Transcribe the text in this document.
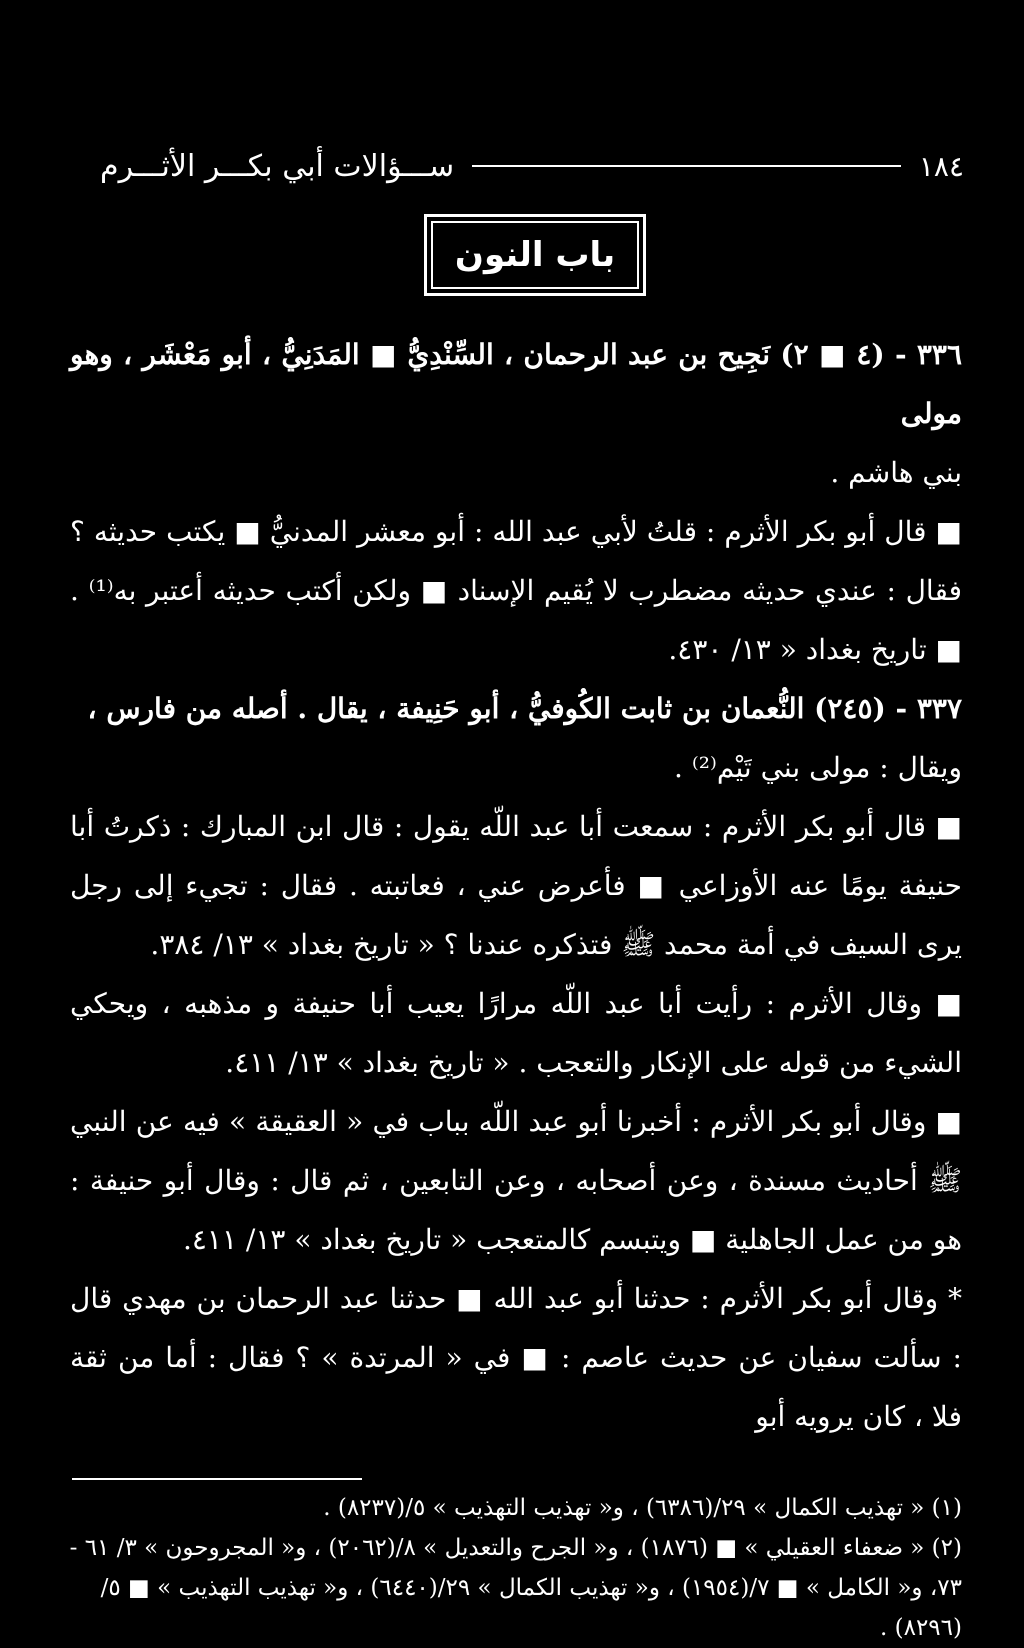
١٨٤
ســـؤالات أبي بكـــر الأثـــرم
باب النون

٣٣٦ - (٤ ■ ٢) نَجِيح بن عبد الرحمان ، السِّنْدِيُّ ■ المَدَنِيُّ ، أبو مَعْشَر ، وهو مولى

بني هاشم .

■ قال أبو بكر الأثرم : قلتُ لأبي عبد الله : أبو معشر المدنيُّ ■ يكتب حديثه ؟ فقال : عندي حديثه مضطرب لا يُقيم الإسناد ■ ولكن أكتب حديثه أعتبر به⁽¹⁾ . ■ تاريخ بغداد « ١٣/ ٤٣٠.

٣٣٧ - (٢٤٥) النُّعمان بن ثابت الكُوفيُّ ، أبو حَنِيفة ، يقال . أصله من فارس ،

ويقال : مولى بني تَيْم⁽²⁾ .

■ قال أبو بكر الأثرم : سمعت أبا عبد اللّه يقول : قال ابن المبارك : ذكرتُ أبا حنيفة يومًا عنه الأوزاعي ■ فأعرض عني ، فعاتبته . فقال : تجيء إلى رجل يرى السيف في أمة محمد ﷺ فتذكره عندنا ؟ « تاريخ بغداد » ١٣/ ٣٨٤.

■ وقال الأثرم : رأيت أبا عبد اللّه مرارًا يعيب أبا حنيفة و مذهبه ، ويحكي الشيء من قوله على الإنكار والتعجب . « تاريخ بغداد » ١٣/ ٤١١.

■ وقال أبو بكر الأثرم : أخبرنا أبو عبد اللّه بباب في « العقيقة » فيه عن النبي ﷺ أحاديث مسندة ، وعن أصحابه ، وعن التابعين ، ثم قال : وقال أبو حنيفة : هو من عمل الجاهلية ■ ويتبسم كالمتعجب « تاريخ بغداد » ١٣/ ٤١١.

* وقال أبو بكر الأثرم : حدثنا أبو عبد الله ■ حدثنا عبد الرحمان بن مهدي قال : سألت سفيان عن حديث عاصم : ■ في « المرتدة » ؟ فقال : أما من ثقة فلا ، كان يرويه أبو

(١) « تهذيب الكمال » ٢٩/(٦٣٨٦) ، و« تهذيب التهذيب » ٥/(٨٢٣٧) .

(٢) « ضعفاء العقيلي » ■ (١٨٧٦) ، و« الجرح والتعديل » ٨/(٢٠٦٢) ، و« المجروحون » ٣/ ٦١ -

٧٣، و« الكامل » ■ ٧/(١٩٥٤) ، و« تهذيب الكمال » ٢٩/(٦٤٤٠) ، و« تهذيب التهذيب » ■ ٥/

(٨٢٩٦) .
